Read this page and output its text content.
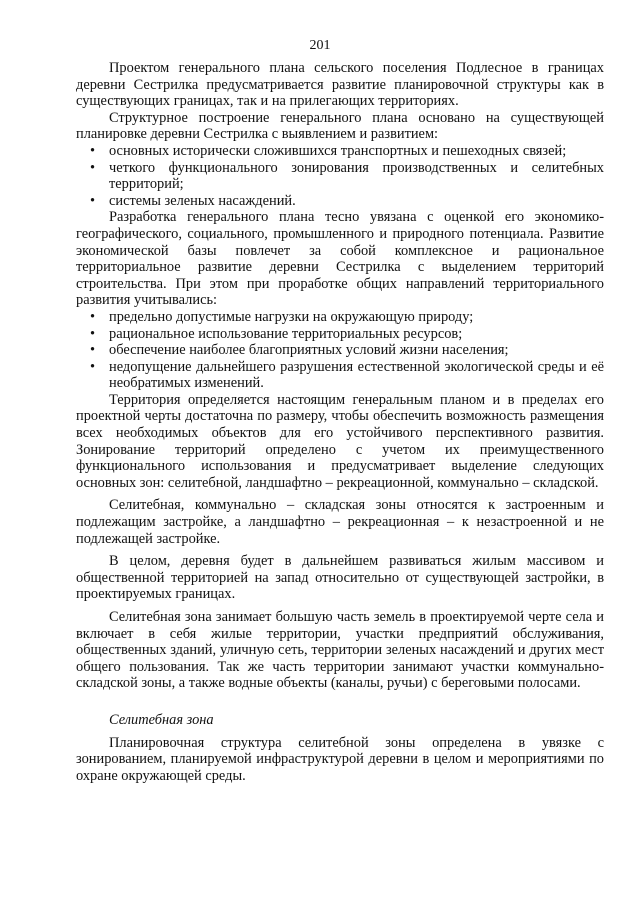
201

Проектом генерального плана сельского поселения Подлесное в границах деревни Сестрилка предусматривается развитие планировочной структуры как в существующих границах, так и на прилегающих территориях.

Структурное построение генерального плана основано на существующей планировке деревни Сестрилка с выявлением и развитием:

• основных исторически сложившихся транспортных и пешеходных связей;
• четкого функционального зонирования производственных и селитебных территорий;
• системы зеленых насаждений.

Разработка генерального плана тесно увязана с оценкой его экономико-географического, социального, промышленного и природного потенциала. Развитие экономической базы повлечет за собой комплексное и рациональное территориальное развитие деревни Сестрилка с выделением территорий строительства. При этом при проработке общих направлений территориального развития учитывались:

• предельно допустимые нагрузки на окружающую природу;
• рациональное использование территориальных ресурсов;
• обеспечение наиболее благоприятных условий жизни населения;
• недопущение дальнейшего разрушения естественной экологической среды и её необратимых изменений.

Территория определяется настоящим генеральным планом и в пределах его проектной черты достаточна по размеру, чтобы обеспечить возможность размещения всех необходимых объектов для его устойчивого перспективного развития. Зонирование территорий определено с учетом их преимущественного функционального использования и предусматривает выделение следующих основных зон: селитебной, ландшафтно – рекреационной, коммунально – складской.

Селитебная, коммунально – складская зоны относятся к застроенным и подлежащим застройке, а ландшафтно – рекреационная – к незастроенной и не подлежащей застройке.

В целом, деревня будет в дальнейшем развиваться жилым массивом и общественной территорией на запад относительно от существующей застройки, в проектируемых границах.

Селитебная зона занимает большую часть земель в проектируемой черте села и включает в себя жилые территории, участки предприятий обслуживания, общественных зданий, уличную сеть, территории зеленых насаждений и других мест общего пользования. Так же часть территории занимают участки коммунально-складской зоны, а также водные объекты (каналы, ручьи) с береговыми полосами.

Селитебная зона

Планировочная структура селитебной зоны определена в увязке с зонированием, планируемой инфраструктурой деревни в целом и мероприятиями по охране окружающей среды.
